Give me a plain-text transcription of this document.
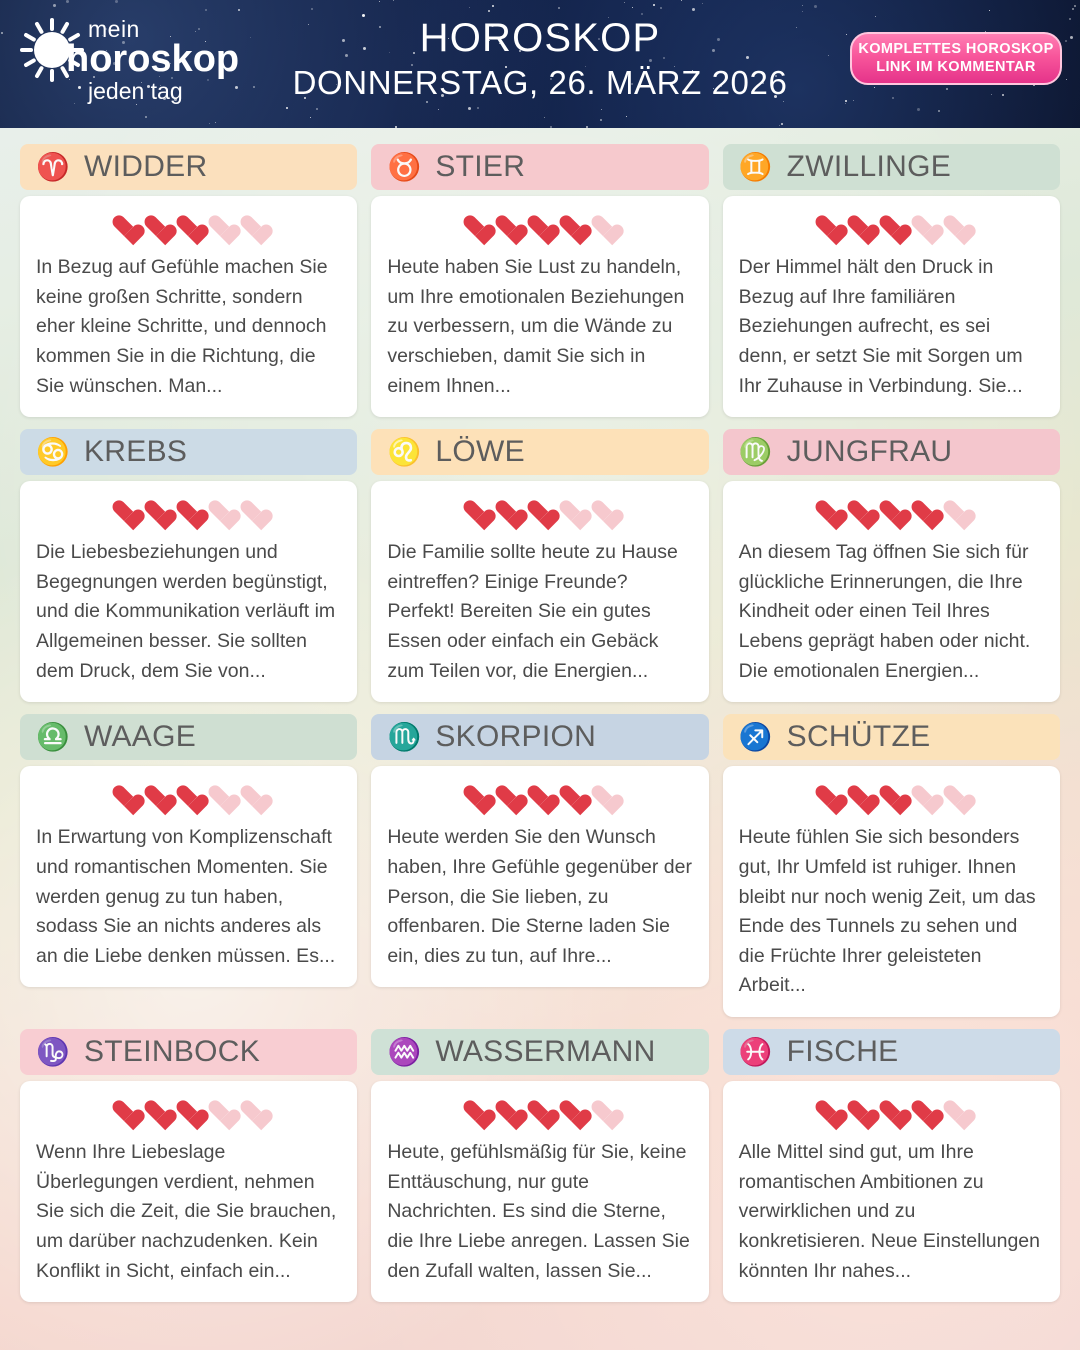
mein
horoskop
jeden tag
HOROSKOP
DONNERSTAG, 26. MÄRZ 2026
KOMPLETTES HOROSKOP
LINK IM KOMMENTAR
♈ WIDDER
In Bezug auf Gefühle machen Sie keine großen Schritte, sondern eher kleine Schritte, und dennoch kommen Sie in die Richtung, die Sie wünschen. Man...
♉ STIER
Heute haben Sie Lust zu handeln, um Ihre emotionalen Beziehungen zu verbessern, um die Wände zu verschieben, damit Sie sich in einem Ihnen...
♊ ZWILLINGE
Der Himmel hält den Druck in Bezug auf Ihre familiären Beziehungen aufrecht, es sei denn, er setzt Sie mit Sorgen um Ihr Zuhause in Verbindung. Sie...
♋ KREBS
Die Liebesbeziehungen und Begegnungen werden begünstigt, und die Kommunikation verläuft im Allgemeinen besser. Sie sollten dem Druck, dem Sie von...
♌ LÖWE
Die Familie sollte heute zu Hause eintreffen? Einige Freunde? Perfekt! Bereiten Sie ein gutes Essen oder einfach ein Gebäck zum Teilen vor, die Energien...
♍ JUNGFRAU
An diesem Tag öffnen Sie sich für glückliche Erinnerungen, die Ihre Kindheit oder einen Teil Ihres Lebens geprägt haben oder nicht. Die emotionalen Energien...
♎ WAAGE
In Erwartung von Komplizenschaft und romantischen Momenten. Sie werden genug zu tun haben, sodass Sie an nichts anderes als an die Liebe denken müssen. Es...
♏ SKORPION
Heute werden Sie den Wunsch haben, Ihre Gefühle gegenüber der Person, die Sie lieben, zu offenbaren. Die Sterne laden Sie ein, dies zu tun, auf Ihre...
♐ SCHÜTZE
Heute fühlen Sie sich besonders gut, Ihr Umfeld ist ruhiger. Ihnen bleibt nur noch wenig Zeit, um das Ende des Tunnels zu sehen und die Früchte Ihrer geleisteten Arbeit...
♑ STEINBOCK
Wenn Ihre Liebeslage Überlegungen verdient, nehmen Sie sich die Zeit, die Sie brauchen, um darüber nachzudenken. Kein Konflikt in Sicht, einfach ein...
♒ WASSERMANN
Heute, gefühlsmäßig für Sie, keine Enttäuschung, nur gute Nachrichten. Es sind die Sterne, die Ihre Liebe anregen. Lassen Sie den Zufall walten, lassen Sie...
♓ FISCHE
Alle Mittel sind gut, um Ihre romantischen Ambitionen zu verwirklichen und zu konkretisieren. Neue Einstellungen könnten Ihr nahes...
